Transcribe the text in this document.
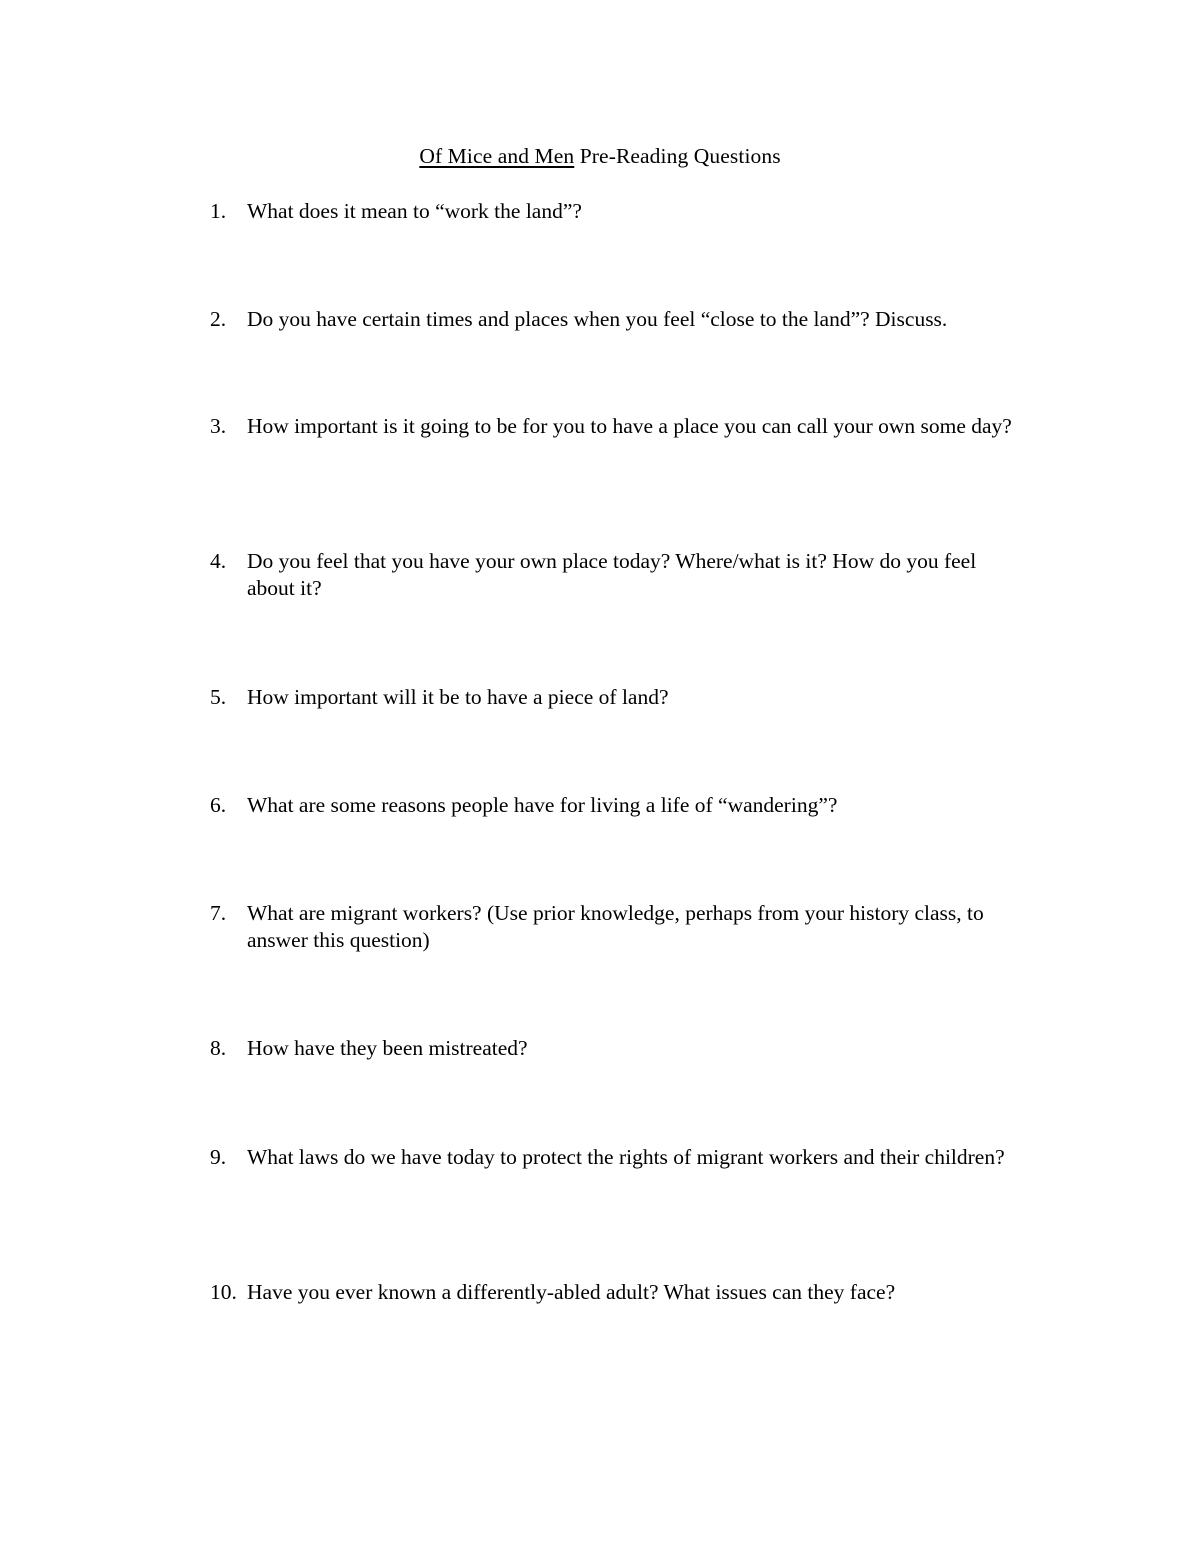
Of Mice and Men Pre-Reading Questions
1. What does it mean to “work the land”?
2. Do you have certain times and places when you feel “close to the land”? Discuss.
3. How important is it going to be for you to have a place you can call your own some day?
4. Do you feel that you have your own place today? Where/what is it? How do you feel about it?
5. How important will it be to have a piece of land?
6. What are some reasons people have for living a life of “wandering”?
7. What are migrant workers? (Use prior knowledge, perhaps from your history class, to answer this question)
8. How have they been mistreated?
9. What laws do we have today to protect the rights of migrant workers and their children?
10. Have you ever known a differently-abled adult? What issues can they face?
